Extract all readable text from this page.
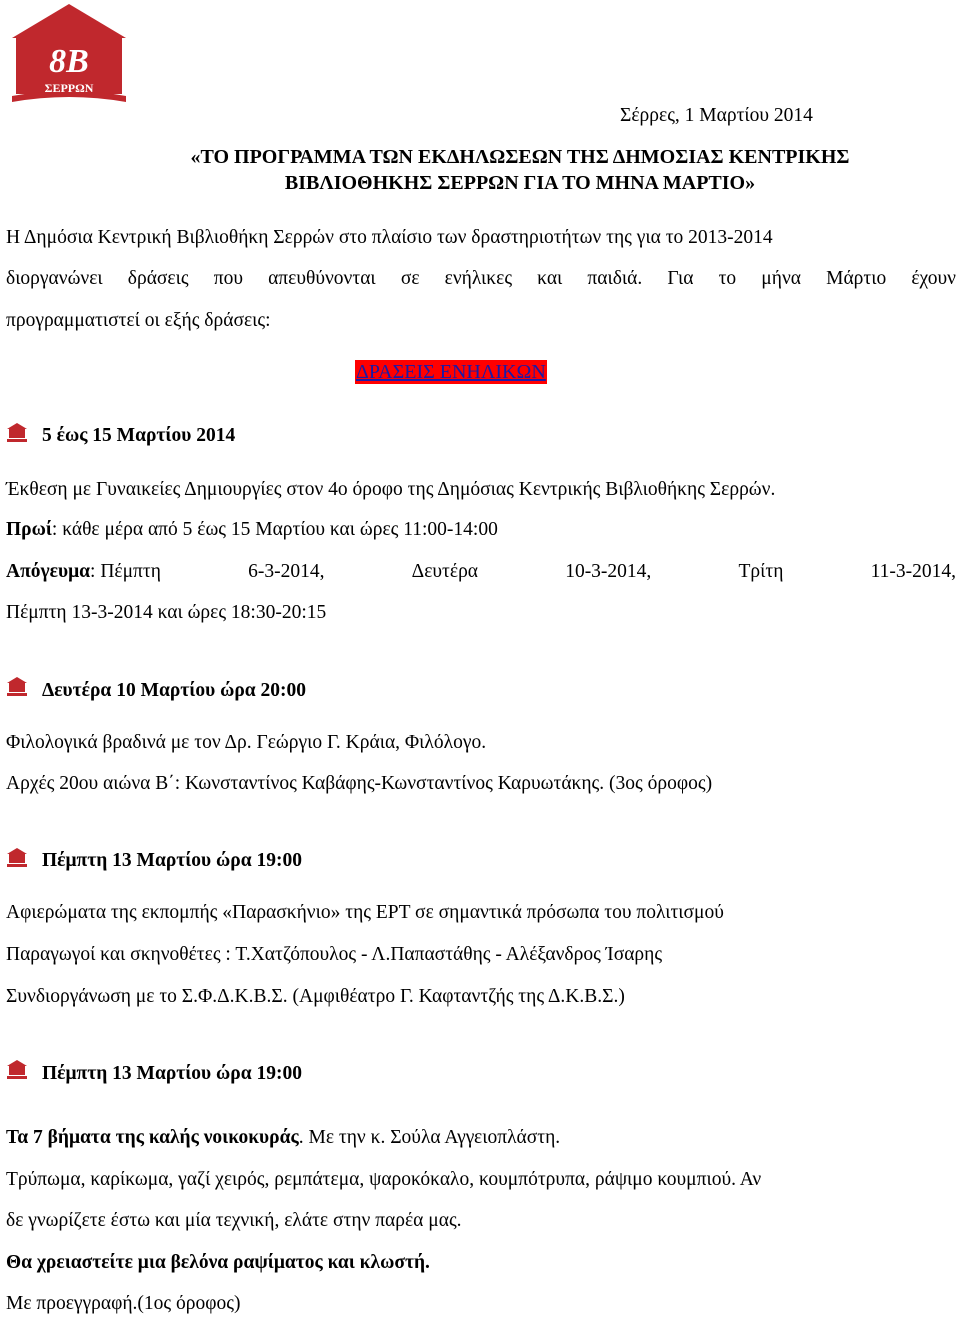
8B
ΣΕΡΡΩΝ
Σέρρες, 1 Μαρτίου 2014
«ΤΟ ΠΡΟΓΡΑΜΜΑ ΤΩΝ ΕΚΔΗΛΩΣΕΩΝ ΤΗΣ ΔΗΜΟΣΙΑΣ ΚΕΝΤΡΙΚΗΣ
ΒΙΒΛΙΟΘΗΚΗΣ ΣΕΡΡΩΝ ΓΙΑ ΤΟ ΜΗΝΑ ΜΑΡΤΙΟ»
Η Δημόσια Κεντρική Βιβλιοθήκη Σερρών στο πλαίσιο των δραστηριοτήτων της για το 2013-2014
διοργανώνει δράσεις που απευθύνονται σε ενήλικες και παιδιά. Για το μήνα Μάρτιο έχουν
προγραμματιστεί οι εξής δράσεις:
ΔΡΑΣΕΙΣ ΕΝΗΛΙΚΩΝ
5 έως 15 Μαρτίου 2014
Έκθεση με Γυναικείες Δημιουργίες στον 4ο όροφο της Δημόσιας Κεντρικής Βιβλιοθήκης Σερρών.
Πρωί: κάθε μέρα από 5 έως 15 Μαρτίου και ώρες 11:00-14:00
Απόγευμα: Πέμπτη	6-3-2014,	Δευτέρα	10-3-2014,	Τρίτη	11-3-2014,
Πέμπτη 13-3-2014 και ώρες 18:30-20:15
Δευτέρα 10 Μαρτίου ώρα 20:00
Φιλολογικά βραδινά με τον Δρ. Γεώργιο Γ. Κράια, Φιλόλογο.
Αρχές 20ου αιώνα Β΄: Κωνσταντίνος Καβάφης-Κωνσταντίνος Καρυωτάκης. (3ος όροφος)
Πέμπτη 13 Μαρτίου ώρα 19:00
Αφιερώματα της εκπομπής «Παρασκήνιο» της ΕΡΤ σε σημαντικά πρόσωπα του πολιτισμού
Παραγωγοί και σκηνοθέτες : Τ.Χατζόπουλος - Λ.Παπαστάθης - Αλέξανδρος Ίσαρης
Συνδιοργάνωση με το Σ.Φ.Δ.Κ.Β.Σ. (Αμφιθέατρο Γ. Καφταντζής της Δ.Κ.Β.Σ.)
Πέμπτη 13 Μαρτίου ώρα 19:00
Τα 7 βήματα της καλής νοικοκυράς. Με την κ. Σούλα Αγγειοπλάστη.
Τρύπωμα, καρίκωμα, γαζί χειρός, ρεμπάτεμα, ψαροκόκαλο, κουμπότρυπα, ράψιμο κουμπιού. Αν
δε γνωρίζετε έστω και μία τεχνική, ελάτε στην παρέα μας.
Θα χρειαστείτε μια βελόνα ραψίματος και κλωστή.
Με προεγγραφή.(1ος όροφος)
